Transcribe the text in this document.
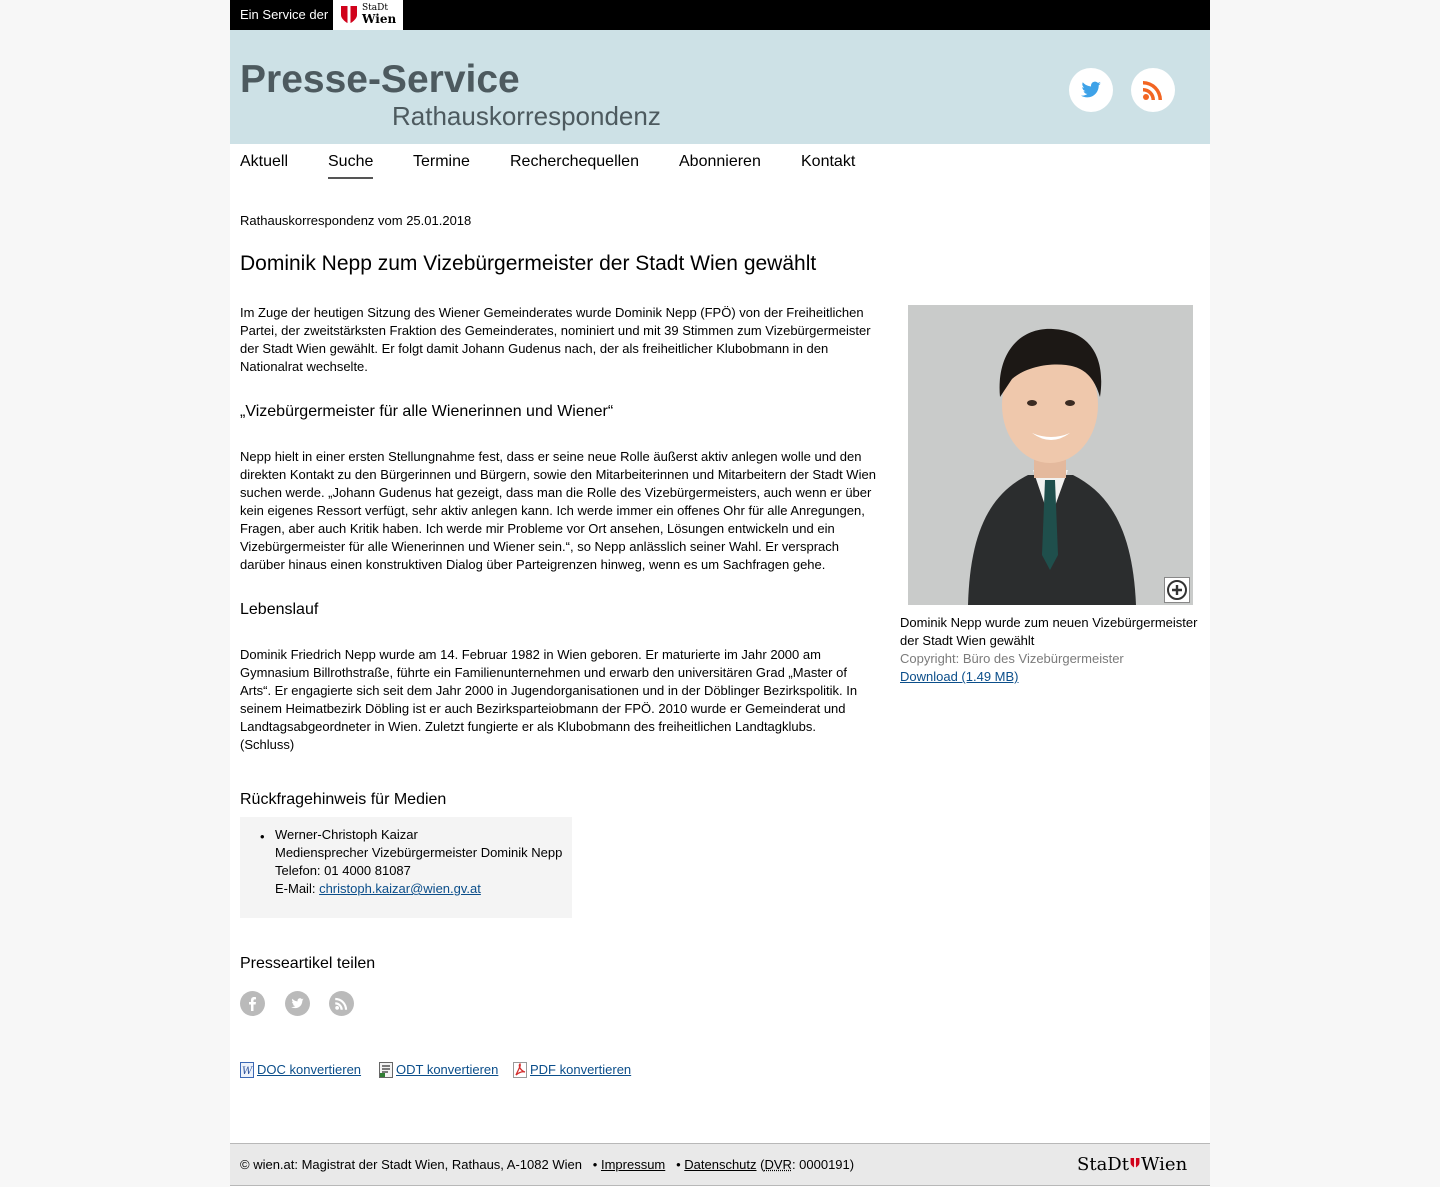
Ein Service der	StaDt
Wien
Presse-Service
Rathauskorrespondenz
Aktuell Suche Termine	Recherchequellen	Abonnieren	Kontakt
Rathauskorrespondenz vom 25.01.2018
Dominik Nepp zum Vizebürgermeister der Stadt Wien gewählt

Im Zuge der heutigen Sitzung des Wiener Gemeinderates wurde Dominik Nepp (FPÖ) von der Freiheitlichen Partei, der zweitstärksten Fraktion des Gemeinderates, nominiert und mit 39 Stimmen zum Vizebürgermeister der Stadt Wien gewählt. Er folgt damit Johann Gudenus nach, der als freiheitlicher Klubobmann in den Nationalrat wechselte.

„Vizebürgermeister für alle Wienerinnen und Wiener“

Nepp hielt in einer ersten Stellungnahme fest, dass er seine neue Rolle äußerst aktiv anlegen wolle und den direkten Kontakt zu den Bürgerinnen und Bürgern, sowie den Mitarbeiterinnen und Mitarbeitern der Stadt Wien suchen werde. „Johann Gudenus hat gezeigt, dass man die Rolle des Vizebürgermeisters, auch wenn er über kein eigenes Ressort verfügt, sehr aktiv anlegen kann. Ich werde immer ein offenes Ohr für alle Anregungen, Fragen, aber auch Kritik haben. Ich werde mir Probleme vor Ort ansehen, Lösungen entwickeln und ein Vizebürgermeister für alle Wienerinnen und Wiener sein.“, so Nepp anlässlich seiner Wahl. Er versprach darüber hinaus einen konstruktiven Dialog über Parteigrenzen hinweg, wenn es um Sachfragen gehe.

Lebenslauf

Dominik Friedrich Nepp wurde am 14. Februar 1982 in Wien geboren. Er maturierte im Jahr 2000 am Gymnasium Billrothstraße, führte ein Familienunternehmen und erwarb den universitären Grad „Master of Arts“. Er engagierte sich seit dem Jahr 2000 in Jugendorganisationen und in der Döblinger Bezirkspolitik. In seinem Heimatbezirk Döbling ist er auch Bezirksparteiobmann der FPÖ. 2010 wurde er Gemeinderat und Landtagsabgeordneter in Wien. Zuletzt fungierte er als Klubobmann des freiheitlichen Landtagklubs.

(Schluss)

Dominik Nepp wurde zum neuen Vizebürgermeister der Stadt Wien gewählt
Copyright: Büro des Vizebürgermeister
Download (1.49 MB)
Rückfragehinweis für Medien
• Werner-Christoph Kaizar
Mediensprecher Vizebürgermeister Dominik Nepp
Telefon: 01 4000 81087
E-Mail: christoph.kaizar@wien.gv.at
Presseartikel teilen
W DOC konvertieren	ODT konvertieren	PDF konvertieren
© wien.at: Magistrat der Stadt Wien, Rathaus, A-1082 Wien   • Impressum   • Datenschutz (DVR: 0000191)	StaDt Wien
